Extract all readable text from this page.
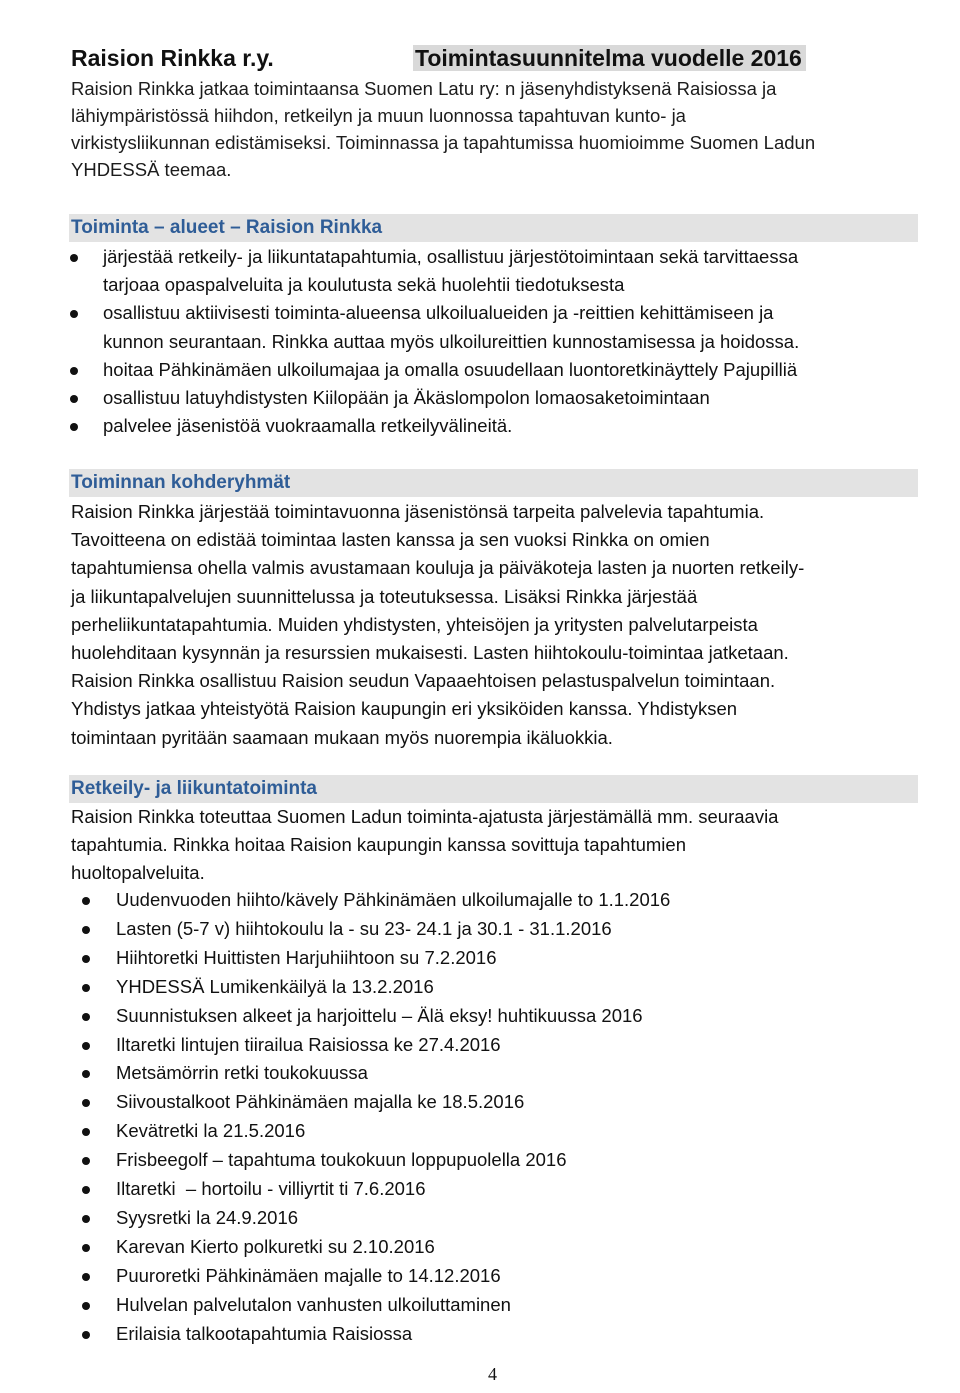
Raision Rinkka r.y.	Toimintasuunnitelma vuodelle 2016
Raision Rinkka jatkaa toimintaansa Suomen Latu ry: n jäsenyhdistyksenä Raisiossa ja
lähiympäristössä hiihdon, retkeilyn ja muun luonnossa tapahtuvan kunto- ja
virkistysliikunnan edistämiseksi. Toiminnassa ja tapahtumissa huomioimme Suomen Ladun
YHDESSÄ teemaa.
Toiminta – alueet – Raision Rinkka
järjestää retkeily- ja liikuntatapahtumia, osallistuu järjestötoimintaan sekä tarvittaessa
tarjoaa opaspalveluita ja koulutusta sekä huolehtii tiedotuksesta
osallistuu aktiivisesti toiminta-alueensa ulkoilualueiden ja -reittien kehittämiseen ja
kunnon seurantaan. Rinkka auttaa myös ulkoilureittien kunnostamisessa ja hoidossa.
hoitaa Pähkinämäen ulkoilumajaa ja omalla osuudellaan luontoretkinäyttely Pajupilliä
osallistuu latuyhdistysten Kiilopään ja Äkäslompolon lomaosaketoimintaan
palvelee jäsenistöä vuokraamalla retkeilyvälineitä.
Toiminnan kohderyhmät
Raision Rinkka järjestää toimintavuonna jäsenistönsä tarpeita palvelevia tapahtumia.
Tavoitteena on edistää toimintaa lasten kanssa ja sen vuoksi Rinkka on omien
tapahtumiensa ohella valmis avustamaan kouluja ja päiväkoteja lasten ja nuorten retkeily-
ja liikuntapalvelujen suunnittelussa ja toteutuksessa. Lisäksi Rinkka järjestää
perheliikuntatapahtumia. Muiden yhdistysten, yhteisöjen ja yritysten palvelutarpeista
huolehditaan kysynnän ja resurssien mukaisesti. Lasten hiihtokoulu-toimintaa jatketaan.
Raision Rinkka osallistuu Raision seudun Vapaaehtoisen pelastuspalvelun toimintaan.
Yhdistys jatkaa yhteistyötä Raision kaupungin eri yksiköiden kanssa. Yhdistyksen
toimintaan pyritään saamaan mukaan myös nuorempia ikäluokkia.
Retkeily- ja liikuntatoiminta
Raision Rinkka toteuttaa Suomen Ladun toiminta-ajatusta järjestämällä mm. seuraavia
tapahtumia. Rinkka hoitaa Raision kaupungin kanssa sovittuja tapahtumien
huoltopalveluita.
Uudenvuoden hiihto/kävely Pähkinämäen ulkoilumajalle to 1.1.2016
Lasten (5-7 v) hiihtokoulu la - su 23- 24.1 ja 30.1 - 31.1.2016
Hiihtoretki Huittisten Harjuhiihtoon su 7.2.2016
YHDESSÄ Lumikenkäilyä la 13.2.2016
Suunnistuksen alkeet ja harjoittelu – Älä eksy! huhtikuussa 2016
Iltaretki lintujen tiirailua Raisiossa ke 27.4.2016
Metsämörrin retki toukokuussa
Siivoustalkoot Pähkinämäen majalla ke 18.5.2016
Kevätretki la 21.5.2016
Frisbeegolf – tapahtuma toukokuun loppupuolella 2016
Iltaretki  – hortoilu - villiyrtit ti 7.6.2016
Syysretki la 24.9.2016
Karevan Kierto polkuretki su 2.10.2016
Puuroretki Pähkinämäen majalle to 14.12.2016
Hulvelan palvelutalon vanhusten ulkoiluttaminen
Erilaisia talkootapahtumia Raisiossa
4
